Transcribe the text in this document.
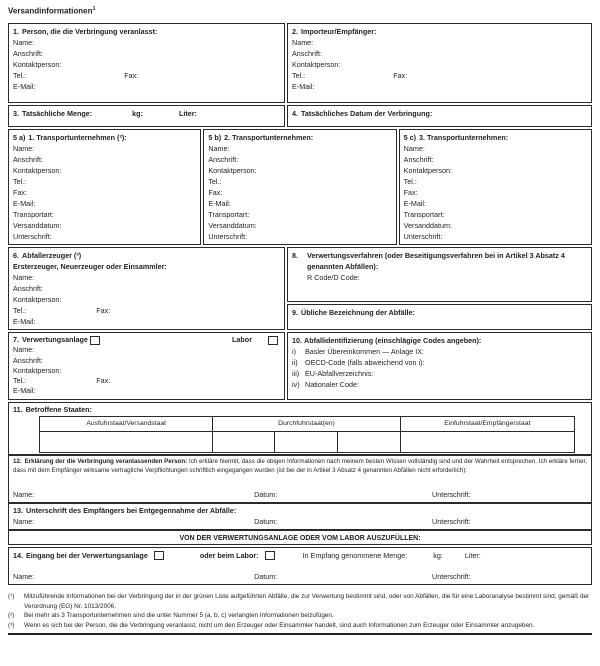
Versandinformationen$^1$
1. Person, die die Verbringung veranlasst:
Name:
Anschrift:
Kontaktperson:
Tel.:	Fax:
E-Mail:
2. Importeur/Empfänger:
Name:
Anschrift:
Kontaktperson:
Tel.:	Fax:
E-Mail:
3. Tatsächliche Menge:	kg:	Liter:	4. Tatsächliches Datum der Verbringung:
5 a) 1. Transportunternehmen (²):
Name:
Anschrift:
Kontaktperson:
Tel.:
Fax:
E-Mail:
Transportart:
Versanddatum:
Unterschrift:
5 b) 2. Transportunternehmen:
Name:
Anschrift:
Kontaktperson:
Tel.:
Fax:
E-Mail:
Transportart:
Versanddatum:
Unterschrift:
5 c) 3. Transportunternehmen:
Name:
Anschrift:
Kontaktperson:
Tel.:
Fax:
E-Mail:
Transportart:
Versanddatum:
Unterschrift:
6. Abfallerzeuger (³)
Ersterzeuger, Neuerzeuger oder Einsammler:
Name:
Anschrift:
Kontaktperson:
Tel.:	Fax:
E-Mail:
7. Verwertungsanlage	Labor
Name:
Anschrift:
Kontaktperson:
Tel.:	Fax:
E-Mail:
8.	Verwertungsverfahren (oder Beseitigungsverfahren bei in Artikel 3 Absatz 4 genannten Abfällen):
R Code/D Code:
9. Übliche Bezeichnung der Abfälle:
10. Abfallidentifizierung (einschlägige Codes angeben):
i)	Basler Übereinkommen — Anlage IX:
ii)	OECD-Code (falls abweichend von i):
iii) EU-Abfallverzeichnis:
iv) Nationaler Code:
11. Betroffene Staaten:
Ausfuhrstaat/Versandstaat	Durchfuhrstaat(en)	Einfuhrstaat/Empfängerstaat
12. Erklärung der die Verbringung veranlassenden Person: Ich erkläre hiermit, dass die obigen Informationen nach meinem besten Wissen vollständig sind und der Wahrheit entsprechen. Ich erkläre ferner, dass mit dem Empfänger wirksame vertragliche Verpflichtungen schriftlich eingegangen wurden (ist bei der in Artikel 3 Absatz 4 genannten Abfällen nicht erforderlich):
Name:	Datum:	Unterschrift:
13. Unterschrift des Empfängers bei Entgegennahme der Abfälle:
Name:	Datum:	Unterschrift:
VON DER VERWERTUNGSANLAGE ODER VOM LABOR AUSZUFÜLLEN:
14. Eingang bei der Verwertungsanlage	oder beim Labor:	In Empfang genommene Menge:	kg:	Liter:
Name:	Datum:	Unterschrift:
(¹)	Mitzuführende Informationen bei der Verbringung der in der grünen Liste aufgeführten Abfälle, die zur Verwertung bestimmt sind, oder von Abfällen, die für eine Laboranalyse bestimmt sind, gemäß der Verordnung (EG) Nr. 1013/2006.
(²)	Bei mehr als 3 Transportunternehmen sind die unter Nummer 5 (a, b, c) verlangten Informationen beizufügen.
(³)	Wenn es sich bei der Person, die die Verbringung veranlasst, nicht um den Erzeuger oder Einsammler handelt, sind auch Informationen zum Erzeuger oder Einsammler anzugeben.
